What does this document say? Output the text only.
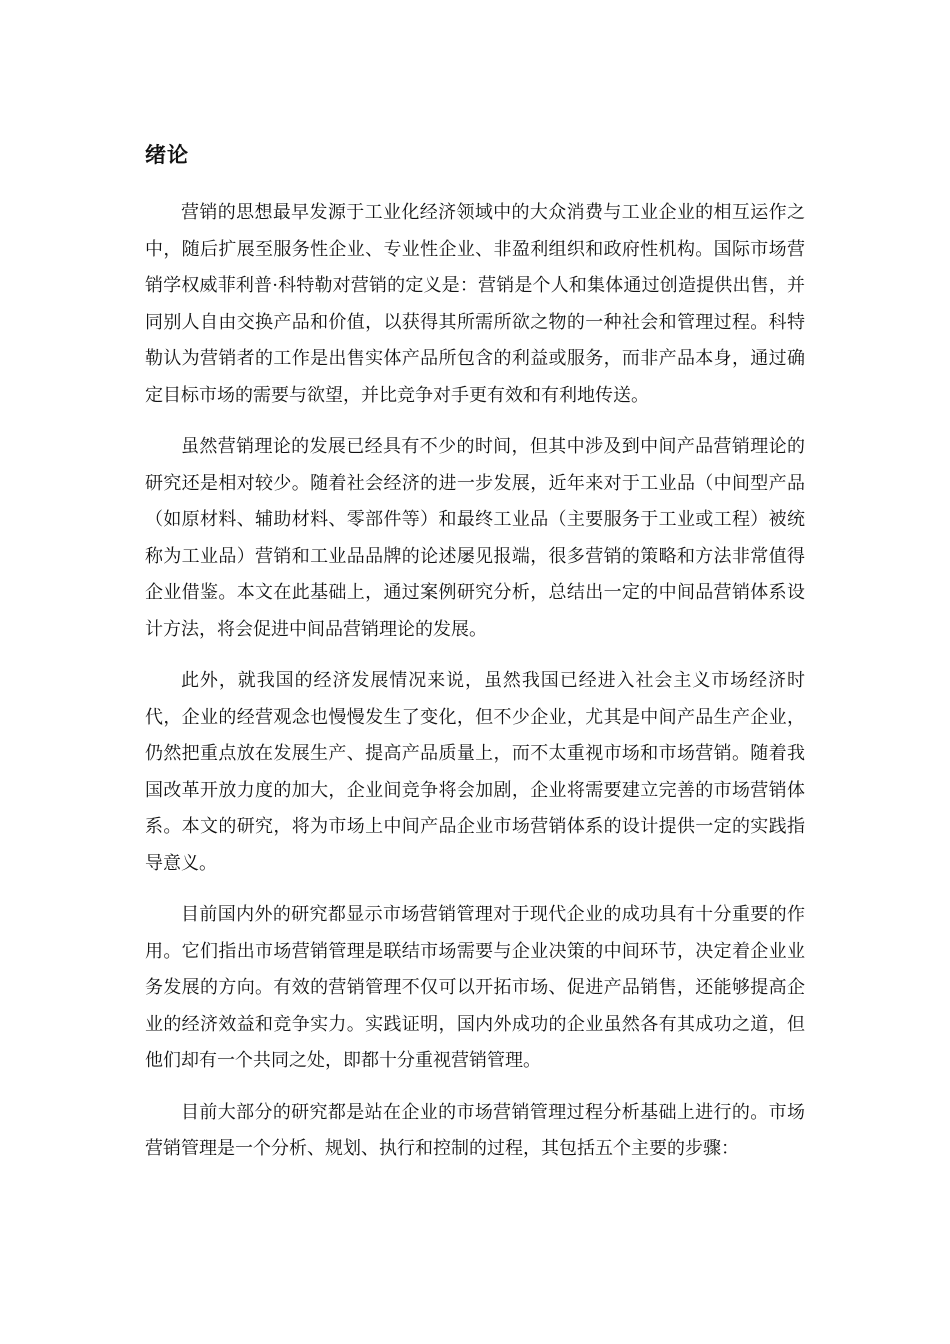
绪论

营销的思想最早发源于工业化经济领域中的大众消费与工业企业的相互运作之中，随后扩展至服务性企业、专业性企业、非盈利组织和政府性机构。国际市场营销学权威菲利普·科特勒对营销的定义是：营销是个人和集体通过创造提供出售，并同别人自由交换产品和价值，以获得其所需所欲之物的一种社会和管理过程。科特勒认为营销者的工作是出售实体产品所包含的利益或服务，而非产品本身，通过确定目标市场的需要与欲望，并比竞争对手更有效和有利地传送。

虽然营销理论的发展已经具有不少的时间，但其中涉及到中间产品营销理论的研究还是相对较少。随着社会经济的进一步发展，近年来对于工业品（中间型产品（如原材料、辅助材料、零部件等）和最终工业品（主要服务于工业或工程）被统称为工业品）营销和工业品品牌的论述屡见报端，很多营销的策略和方法非常值得企业借鉴。本文在此基础上，通过案例研究分析，总结出一定的中间品营销体系设计方法，将会促进中间品营销理论的发展。

此外，就我国的经济发展情况来说，虽然我国已经进入社会主义市场经济时代，企业的经营观念也慢慢发生了变化，但不少企业，尤其是中间产品生产企业，仍然把重点放在发展生产、提高产品质量上，而不太重视市场和市场营销。随着我国改革开放力度的加大，企业间竞争将会加剧，企业将需要建立完善的市场营销体系。本文的研究，将为市场上中间产品企业市场营销体系的设计提供一定的实践指导意义。

目前国内外的研究都显示市场营销管理对于现代企业的成功具有十分重要的作用。它们指出市场营销管理是联结市场需要与企业决策的中间环节，决定着企业业务发展的方向。有效的营销管理不仅可以开拓市场、促进产品销售，还能够提高企业的经济效益和竞争实力。实践证明，国内外成功的企业虽然各有其成功之道，但他们却有一个共同之处，即都十分重视营销管理。

目前大部分的研究都是站在企业的市场营销管理过程分析基础上进行的。市场营销管理是一个分析、规划、执行和控制的过程，其包括五个主要的步骤：
